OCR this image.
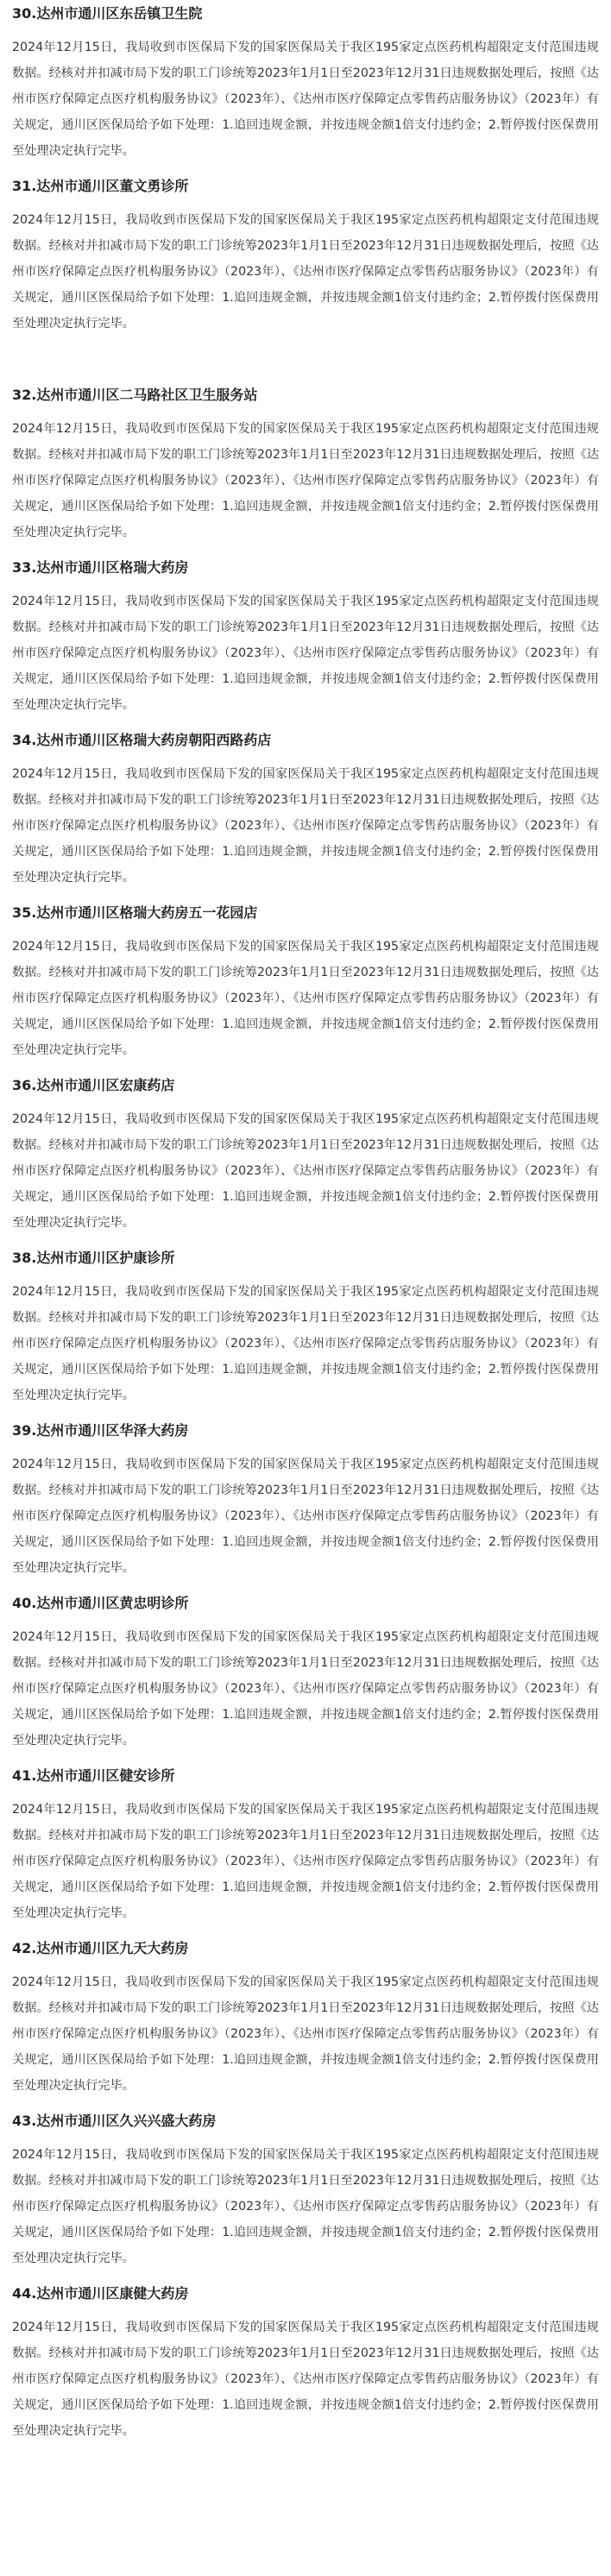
30.达州市通川区东岳镇卫生院

2024年12月15日，我局收到市医保局下发的国家医保局关于我区195家定点医药机构超限定支付范围违规数据。经核对并扣减市局下发的职工门诊统筹2023年1月1日至2023年12月31日违规数据处理后，按照《达州市医疗保障定点医疗机构服务协议》（2023年）、《达州市医疗保障定点零售药店服务协议》（2023年）有关规定，通川区医保局给予如下处理：1.追回违规金额，并按违规金额1倍支付违约金；2.暂停拨付医保费用至处理决定执行完毕。

31.达州市通川区董文勇诊所

2024年12月15日，我局收到市医保局下发的国家医保局关于我区195家定点医药机构超限定支付范围违规数据。经核对并扣减市局下发的职工门诊统筹2023年1月1日至2023年12月31日违规数据处理后，按照《达州市医疗保障定点医疗机构服务协议》（2023年）、《达州市医疗保障定点零售药店服务协议》（2023年）有关规定，通川区医保局给予如下处理：1.追回违规金额，并按违规金额1倍支付违约金；2.暂停拨付医保费用至处理决定执行完毕。

32.达州市通川区二马路社区卫生服务站

2024年12月15日，我局收到市医保局下发的国家医保局关于我区195家定点医药机构超限定支付范围违规数据。经核对并扣减市局下发的职工门诊统筹2023年1月1日至2023年12月31日违规数据处理后，按照《达州市医疗保障定点医疗机构服务协议》（2023年）、《达州市医疗保障定点零售药店服务协议》（2023年）有关规定，通川区医保局给予如下处理：1.追回违规金额，并按违规金额1倍支付违约金；2.暂停拨付医保费用至处理决定执行完毕。

33.达州市通川区格瑞大药房

2024年12月15日，我局收到市医保局下发的国家医保局关于我区195家定点医药机构超限定支付范围违规数据。经核对并扣减市局下发的职工门诊统筹2023年1月1日至2023年12月31日违规数据处理后，按照《达州市医疗保障定点医疗机构服务协议》（2023年）、《达州市医疗保障定点零售药店服务协议》（2023年）有关规定，通川区医保局给予如下处理：1.追回违规金额，并按违规金额1倍支付违约金；2.暂停拨付医保费用至处理决定执行完毕。

34.达州市通川区格瑞大药房朝阳西路药店

2024年12月15日，我局收到市医保局下发的国家医保局关于我区195家定点医药机构超限定支付范围违规数据。经核对并扣减市局下发的职工门诊统筹2023年1月1日至2023年12月31日违规数据处理后，按照《达州市医疗保障定点医疗机构服务协议》（2023年）、《达州市医疗保障定点零售药店服务协议》（2023年）有关规定，通川区医保局给予如下处理：1.追回违规金额，并按违规金额1倍支付违约金；2.暂停拨付医保费用至处理决定执行完毕。

35.达州市通川区格瑞大药房五一花园店

2024年12月15日，我局收到市医保局下发的国家医保局关于我区195家定点医药机构超限定支付范围违规数据。经核对并扣减市局下发的职工门诊统筹2023年1月1日至2023年12月31日违规数据处理后，按照《达州市医疗保障定点医疗机构服务协议》（2023年）、《达州市医疗保障定点零售药店服务协议》（2023年）有关规定，通川区医保局给予如下处理：1.追回违规金额，并按违规金额1倍支付违约金；2.暂停拨付医保费用至处理决定执行完毕。

36.达州市通川区宏康药店

2024年12月15日，我局收到市医保局下发的国家医保局关于我区195家定点医药机构超限定支付范围违规数据。经核对并扣减市局下发的职工门诊统筹2023年1月1日至2023年12月31日违规数据处理后，按照《达州市医疗保障定点医疗机构服务协议》（2023年）、《达州市医疗保障定点零售药店服务协议》（2023年）有关规定，通川区医保局给予如下处理：1.追回违规金额，并按违规金额1倍支付违约金；2.暂停拨付医保费用至处理决定执行完毕。

38.达州市通川区护康诊所

2024年12月15日，我局收到市医保局下发的国家医保局关于我区195家定点医药机构超限定支付范围违规数据。经核对并扣减市局下发的职工门诊统筹2023年1月1日至2023年12月31日违规数据处理后，按照《达州市医疗保障定点医疗机构服务协议》（2023年）、《达州市医疗保障定点零售药店服务协议》（2023年）有关规定，通川区医保局给予如下处理：1.追回违规金额，并按违规金额1倍支付违约金；2.暂停拨付医保费用至处理决定执行完毕。

39.达州市通川区华泽大药房

2024年12月15日，我局收到市医保局下发的国家医保局关于我区195家定点医药机构超限定支付范围违规数据。经核对并扣减市局下发的职工门诊统筹2023年1月1日至2023年12月31日违规数据处理后，按照《达州市医疗保障定点医疗机构服务协议》（2023年）、《达州市医疗保障定点零售药店服务协议》（2023年）有关规定，通川区医保局给予如下处理：1.追回违规金额，并按违规金额1倍支付违约金；2.暂停拨付医保费用至处理决定执行完毕。

40.达州市通川区黄忠明诊所

2024年12月15日，我局收到市医保局下发的国家医保局关于我区195家定点医药机构超限定支付范围违规数据。经核对并扣减市局下发的职工门诊统筹2023年1月1日至2023年12月31日违规数据处理后，按照《达州市医疗保障定点医疗机构服务协议》（2023年）、《达州市医疗保障定点零售药店服务协议》（2023年）有关规定，通川区医保局给予如下处理：1.追回违规金额，并按违规金额1倍支付违约金；2.暂停拨付医保费用至处理决定执行完毕。

41.达州市通川区健安诊所

2024年12月15日，我局收到市医保局下发的国家医保局关于我区195家定点医药机构超限定支付范围违规数据。经核对并扣减市局下发的职工门诊统筹2023年1月1日至2023年12月31日违规数据处理后，按照《达州市医疗保障定点医疗机构服务协议》（2023年）、《达州市医疗保障定点零售药店服务协议》（2023年）有关规定，通川区医保局给予如下处理：1.追回违规金额，并按违规金额1倍支付违约金；2.暂停拨付医保费用至处理决定执行完毕。

42.达州市通川区九天大药房

2024年12月15日，我局收到市医保局下发的国家医保局关于我区195家定点医药机构超限定支付范围违规数据。经核对并扣减市局下发的职工门诊统筹2023年1月1日至2023年12月31日违规数据处理后，按照《达州市医疗保障定点医疗机构服务协议》（2023年）、《达州市医疗保障定点零售药店服务协议》（2023年）有关规定，通川区医保局给予如下处理：1.追回违规金额，并按违规金额1倍支付违约金；2.暂停拨付医保费用至处理决定执行完毕。

43.达州市通川区久兴兴盛大药房

2024年12月15日，我局收到市医保局下发的国家医保局关于我区195家定点医药机构超限定支付范围违规数据。经核对并扣减市局下发的职工门诊统筹2023年1月1日至2023年12月31日违规数据处理后，按照《达州市医疗保障定点医疗机构服务协议》（2023年）、《达州市医疗保障定点零售药店服务协议》（2023年）有关规定，通川区医保局给予如下处理：1.追回违规金额，并按违规金额1倍支付违约金；2.暂停拨付医保费用至处理决定执行完毕。

44.达州市通川区康健大药房

2024年12月15日，我局收到市医保局下发的国家医保局关于我区195家定点医药机构超限定支付范围违规数据。经核对并扣减市局下发的职工门诊统筹2023年1月1日至2023年12月31日违规数据处理后，按照《达州市医疗保障定点医疗机构服务协议》（2023年）、《达州市医疗保障定点零售药店服务协议》（2023年）有关规定，通川区医保局给予如下处理：1.追回违规金额，并按违规金额1倍支付违约金；2.暂停拨付医保费用至处理决定执行完毕。
